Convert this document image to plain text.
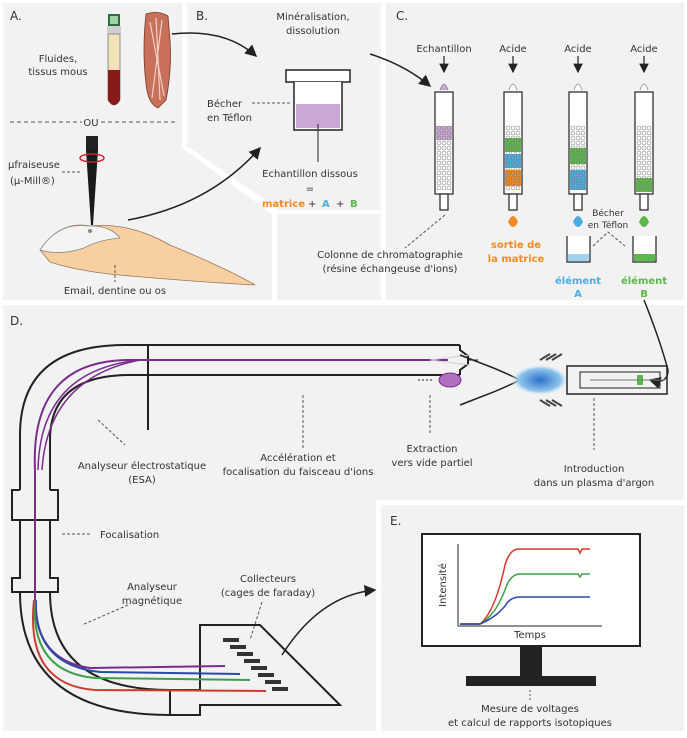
A.
Fluides,
tissus mous
OU
μfraiseuse
(μ-Mill®)
Email, dentine ou os
B.	Minéralisation,
dissolution
Bécher
en Téflon
Echantillon dissous
=
matrice + A + B
C.
Echantillon	Acide	Acide	Acide
Bécher
en Téflon
sortie de
la matrice
élément
A
élément
B
Colonne de chromatographie
(résine échangeuse d'ions)
D.
Accélération et
focalisation du faisceau d'ions
Extraction
vers vide partiel
Introduction
dans un plasma d'argon
Analyseur électrostatique
(ESA)
Focalisation
Analyseur
magnétique
Collecteurs
(cages de faraday)
E.
Intensité
Temps
Mesure de voltages
et calcul de rapports isotopiques
